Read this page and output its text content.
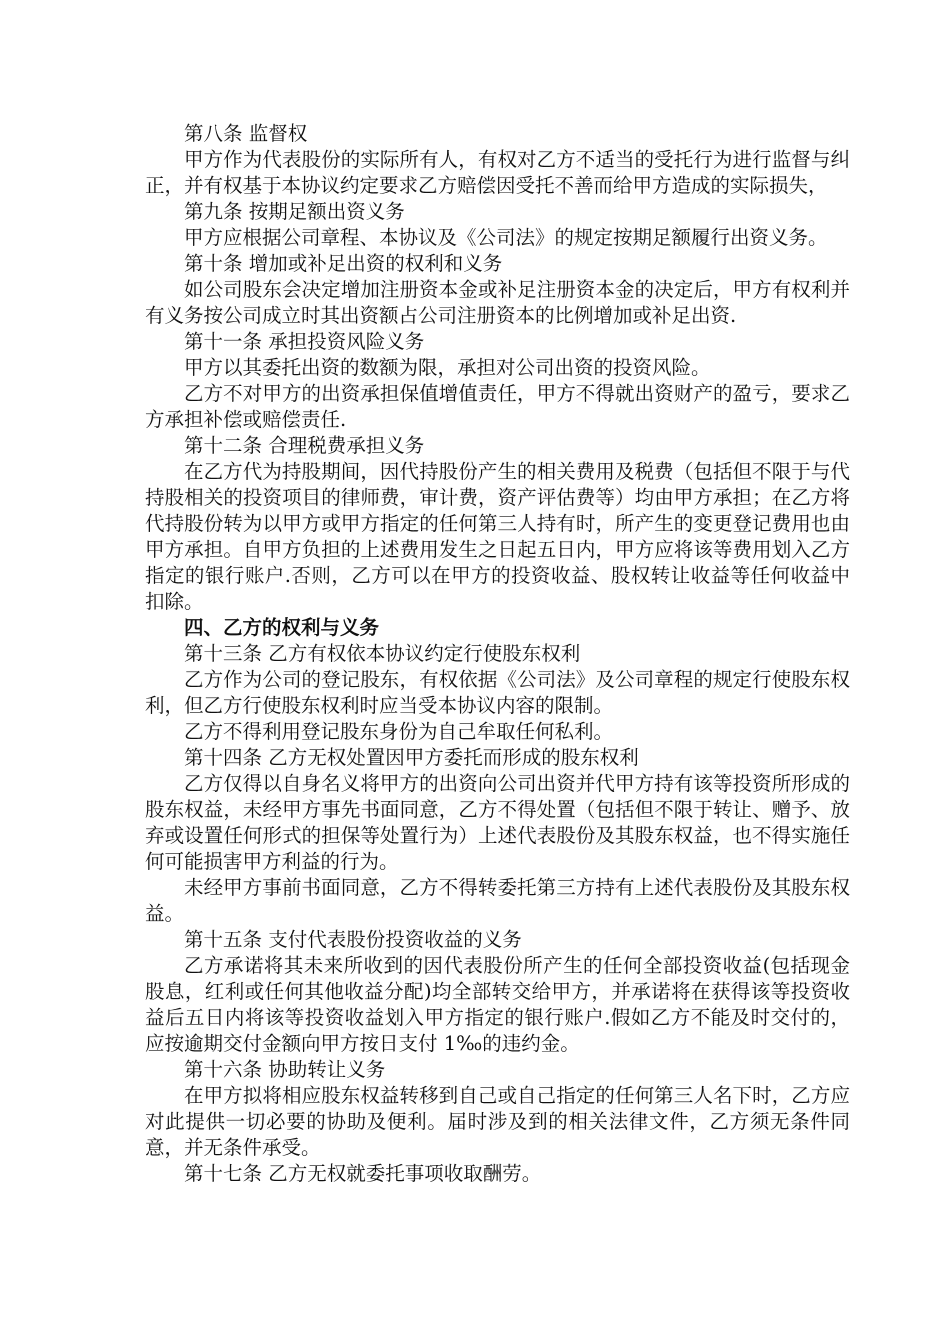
第八条 监督权

甲方作为代表股份的实际所有人，有权对乙方不适当的受托行为进行监督与纠正，并有权基于本协议约定要求乙方赔偿因受托不善而给甲方造成的实际损失，

第九条 按期足额出资义务

甲方应根据公司章程、本协议及《公司法》的规定按期足额履行出资义务。

第十条 增加或补足出资的权利和义务

如公司股东会决定增加注册资本金或补足注册资本金的决定后，甲方有权利并有义务按公司成立时其出资额占公司注册资本的比例增加或补足出资.

第十一条 承担投资风险义务

甲方以其委托出资的数额为限，承担对公司出资的投资风险。

乙方不对甲方的出资承担保值增值责任，甲方不得就出资财产的盈亏，要求乙方承担补偿或赔偿责任.

第十二条 合理税费承担义务

在乙方代为持股期间，因代持股份产生的相关费用及税费（包括但不限于与代持股相关的投资项目的律师费，审计费，资产评估费等）均由甲方承担；在乙方将代持股份转为以甲方或甲方指定的任何第三人持有时，所产生的变更登记费用也由甲方承担。自甲方负担的上述费用发生之日起五日内，甲方应将该等费用划入乙方指定的银行账户.否则，乙方可以在甲方的投资收益、股权转让收益等任何收益中扣除。

四、乙方的权利与义务

第十三条 乙方有权依本协议约定行使股东权利

乙方作为公司的登记股东，有权依据《公司法》及公司章程的规定行使股东权利，但乙方行使股东权利时应当受本协议内容的限制。

乙方不得利用登记股东身份为自己牟取任何私利。

第十四条 乙方无权处置因甲方委托而形成的股东权利

乙方仅得以自身名义将甲方的出资向公司出资并代甲方持有该等投资所形成的股东权益，未经甲方事先书面同意，乙方不得处置（包括但不限于转让、赠予、放弃或设置任何形式的担保等处置行为）上述代表股份及其股东权益，也不得实施任何可能损害甲方利益的行为。

未经甲方事前书面同意，乙方不得转委托第三方持有上述代表股份及其股东权益。

第十五条 支付代表股份投资收益的义务

乙方承诺将其未来所收到的因代表股份所产生的任何全部投资收益(包括现金股息，红利或任何其他收益分配)均全部转交给甲方，并承诺将在获得该等投资收益后五日内将该等投资收益划入甲方指定的银行账户.假如乙方不能及时交付的，应按逾期交付金额向甲方按日支付 1‰的违约金。

第十六条 协助转让义务

在甲方拟将相应股东权益转移到自己或自己指定的任何第三人名下时，乙方应对此提供一切必要的协助及便利。届时涉及到的相关法律文件，乙方须无条件同意，并无条件承受。

第十七条 乙方无权就委托事项收取酬劳。
